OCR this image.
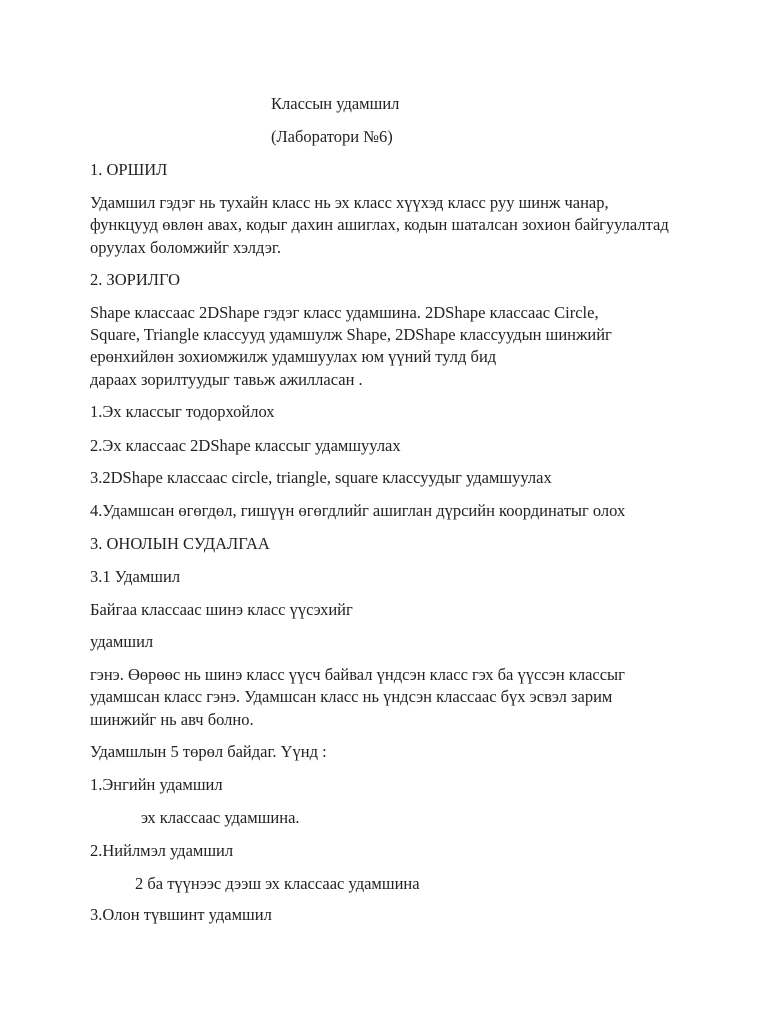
Классын удамшил
(Лаборатори №6)
1. ОРШИЛ
Удамшил гэдэг нь тухайн класс нь эх класс хүүхэд класс руу шинж чанар, функцууд өвлөн авах, кодыг дахин ашиглах, кодын шаталсан зохион байгуулалтад оруулах боломжийг хэлдэг.
2. ЗОРИЛГО
Shape классаас 2DShape гэдэг класс удамшина. 2DShape классаас Circle,
Square, Triangle классууд удамшулж Shape, 2DShape классуудын шинжийг
ерөнхийлөн зохиомжилж удамшуулах юм үүний тулд бид
дараах зорилтуудыг тавьж ажилласан .
1.Эх классыг тодорхойлох
2.Эх классаас 2DShape классыг удамшуулах
3.2DShape классаас circle, triangle, square классуудыг удамшуулах
4.Удамшсан өгөгдөл, гишүүн өгөгдлийг ашиглан дүрсийн координатыг олох
3. ОНОЛЫН СУДАЛГАА
3.1 Удамшил
Байгаа классаас шинэ класс үүсэхийг
удамшил
гэнэ. Өөрөөс нь шинэ класс үүсч байвал үндсэн класс гэх ба үүссэн классыг удамшсан класс гэнэ. Удамшсан класс нь үндсэн классаас бүх эсвэл зарим шинжийг нь авч болно.
Удамшлын 5 төрөл байдаг. Үүнд :
1.Энгийн удамшил
эх классаас удамшина.
2.Нийлмэл удамшил
2 ба түүнээс дээш эх классаас удамшина
3.Олон түвшинт удамшил
